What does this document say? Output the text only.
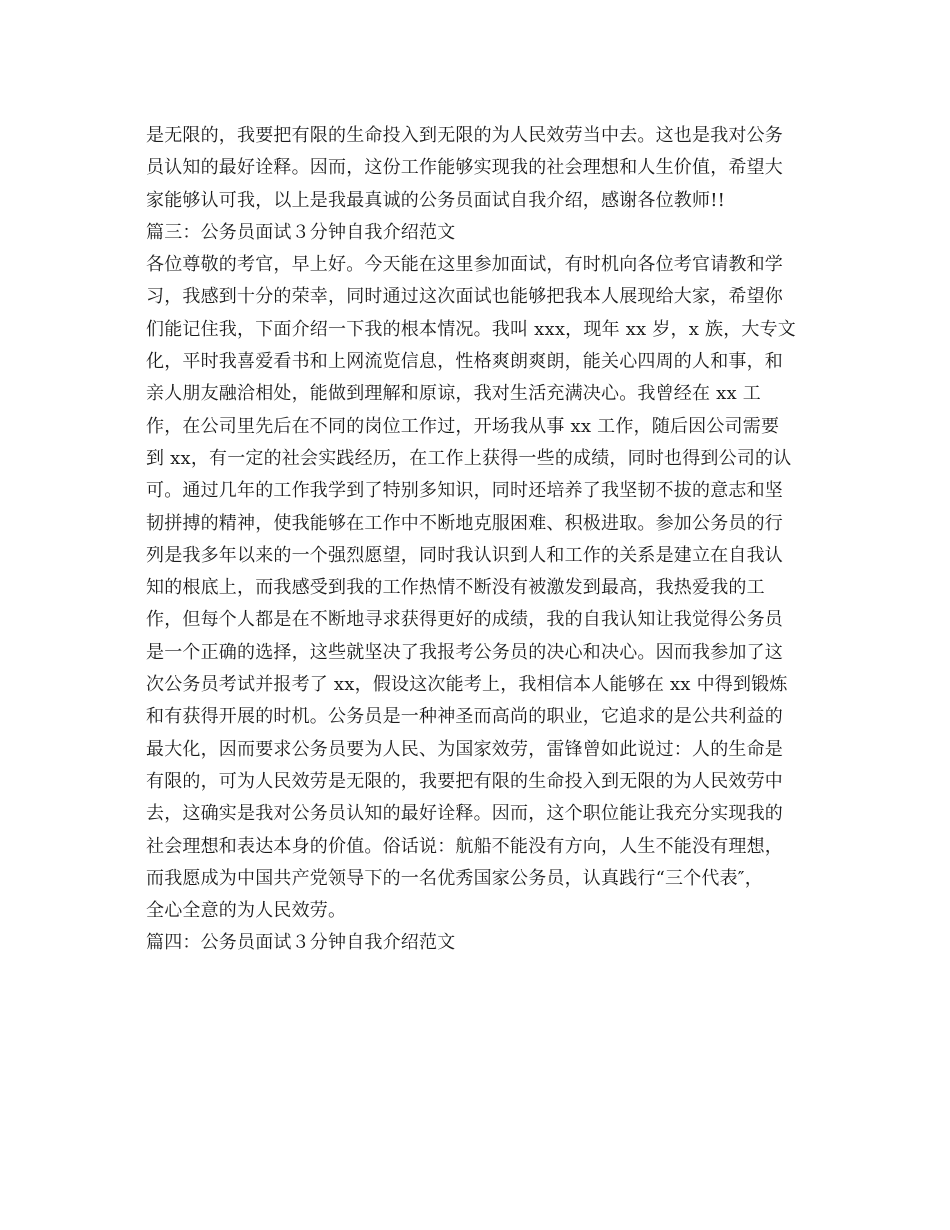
是无限的，我要把有限的生命投入到无限的为人民效劳当中去。这也是我对公务
员认知的最好诠释。因而，这份工作能够实现我的社会理想和人生价值，希望大
家能够认可我，以上是我最真诚的公务员面试自我介绍，感谢各位教师!!
篇三：公务员面试３分钟自我介绍范文
各位尊敬的考官，早上好。今天能在这里参加面试，有时机向各位考官请教和学
习，我感到十分的荣幸，同时通过这次面试也能够把我本人展现给大家，希望你
们能记住我，下面介绍一下我的根本情况。我叫 xxx，现年 xx 岁，x 族，大专文
化，平时我喜爱看书和上网流览信息，性格爽朗爽朗，能关心四周的人和事，和
亲人朋友融洽相处，能做到理解和原谅，我对生活充满决心。我曾经在 xx 工
作，在公司里先后在不同的岗位工作过，开场我从事 xx 工作，随后因公司需要
到 xx，有一定的社会实践经历，在工作上获得一些的成绩，同时也得到公司的认
可。通过几年的工作我学到了特别多知识，同时还培养了我坚韧不拔的意志和坚
韧拼搏的精神，使我能够在工作中不断地克服困难、积极进取。参加公务员的行
列是我多年以来的一个强烈愿望，同时我认识到人和工作的关系是建立在自我认
知的根底上，而我感受到我的工作热情不断没有被激发到最高，我热爱我的工
作，但每个人都是在不断地寻求获得更好的成绩，我的自我认知让我觉得公务员
是一个正确的选择，这些就坚决了我报考公务员的决心和决心。因而我参加了这
次公务员考试并报考了 xx，假设这次能考上，我相信本人能够在 xx 中得到锻炼
和有获得开展的时机。公务员是一种神圣而高尚的职业，它追求的是公共利益的
最大化，因而要求公务员要为人民、为国家效劳，雷锋曾如此说过：人的生命是
有限的，可为人民效劳是无限的，我要把有限的生命投入到无限的为人民效劳中
去，这确实是我对公务员认知的最好诠释。因而，这个职位能让我充分实现我的
社会理想和表达本身的价值。俗话说：航船不能没有方向，人生不能没有理想，
而我愿成为中国共产党领导下的一名优秀国家公务员，认真践行“三个代表″，
全心全意的为人民效劳。
篇四：公务员面试３分钟自我介绍范文
